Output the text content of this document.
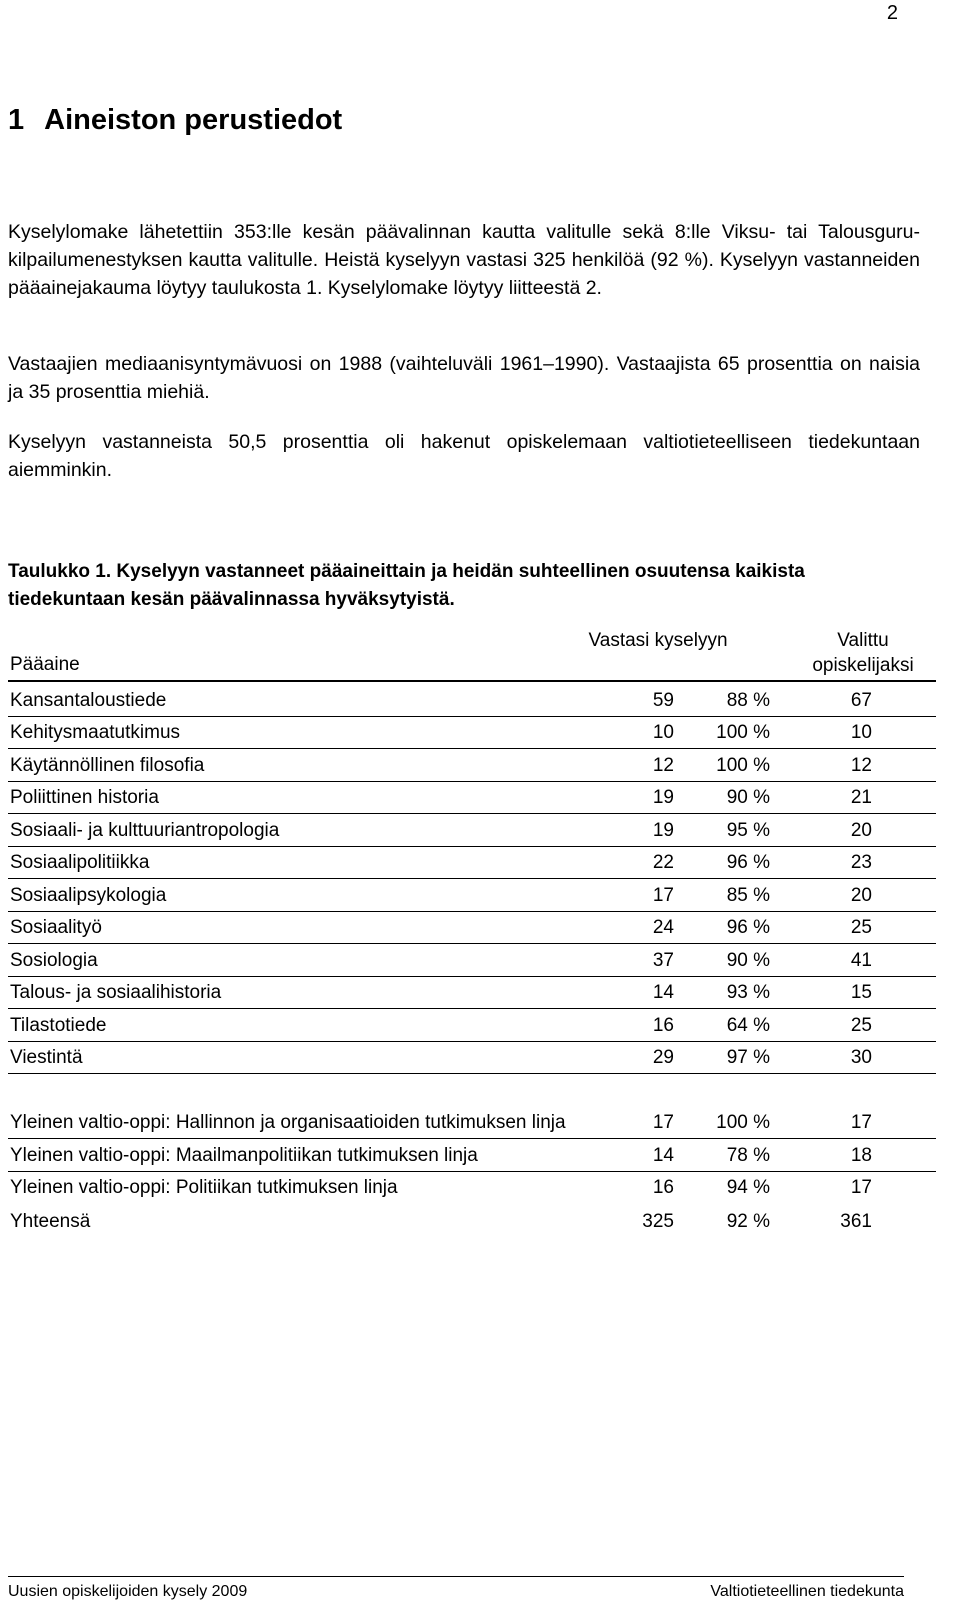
2
1 Aineiston perustiedot

Kyselylomake lähetettiin 353:lle kesän päävalinnan kautta valitulle sekä 8:lle Viksu- tai Talousguru-kilpailumenestyksen kautta valitulle. Heistä kyselyyn vastasi 325 henkilöä (92 %). Kyselyyn vastanneiden pääainejakauma löytyy taulukosta 1. Kyselylomake löytyy liitteestä 2.

Vastaajien mediaanisyntymävuosi on 1988 (vaihteluväli 1961–1990). Vastaajista 65 prosenttia on naisia ja 35 prosenttia miehiä.

Kyselyyn vastanneista 50,5 prosenttia oli hakenut opiskelemaan valtiotieteelliseen tiedekuntaan aiemminkin.

Taulukko 1. Kyselyyn vastanneet pääaineittain ja heidän suhteellinen osuutensa kaikista tiedekuntaan kesän päävalinnassa hyväksytyistä.

Pääaine
Vastasi kyselyyn	Valittu opiskelijaksi
Kansantaloustiede	59	88 %	67
Kehitysmaatutkimus	10 100 %	10
Käytännöllinen filosofia	12 100 %	12
Poliittinen historia	19	90 %	21
Sosiaali- ja kulttuuriantropologia	19	95 %	20
Sosiaalipolitiikka	22	96 %	23
Sosiaalipsykologia	17	85 %	20
Sosiaalityö	24	96 %	25
Sosiologia	37	90 %	41
Talous- ja sosiaalihistoria	14	93 %	15
Tilastotiede	16	64 %	25
Viestintä	29	97 %	30
Yleinen valtio-oppi: Hallinnon ja organisaatioiden tutkimuksen linja	17 100 %	17
Yleinen valtio-oppi: Maailmanpolitiikan tutkimuksen linja	14	78 %	18
Yleinen valtio-oppi: Politiikan tutkimuksen linja	16	94 %	17
Yhteensä	325	92 %	361
Uusien opiskelijoiden kysely 2009	Valtiotieteellinen tiedekunta
